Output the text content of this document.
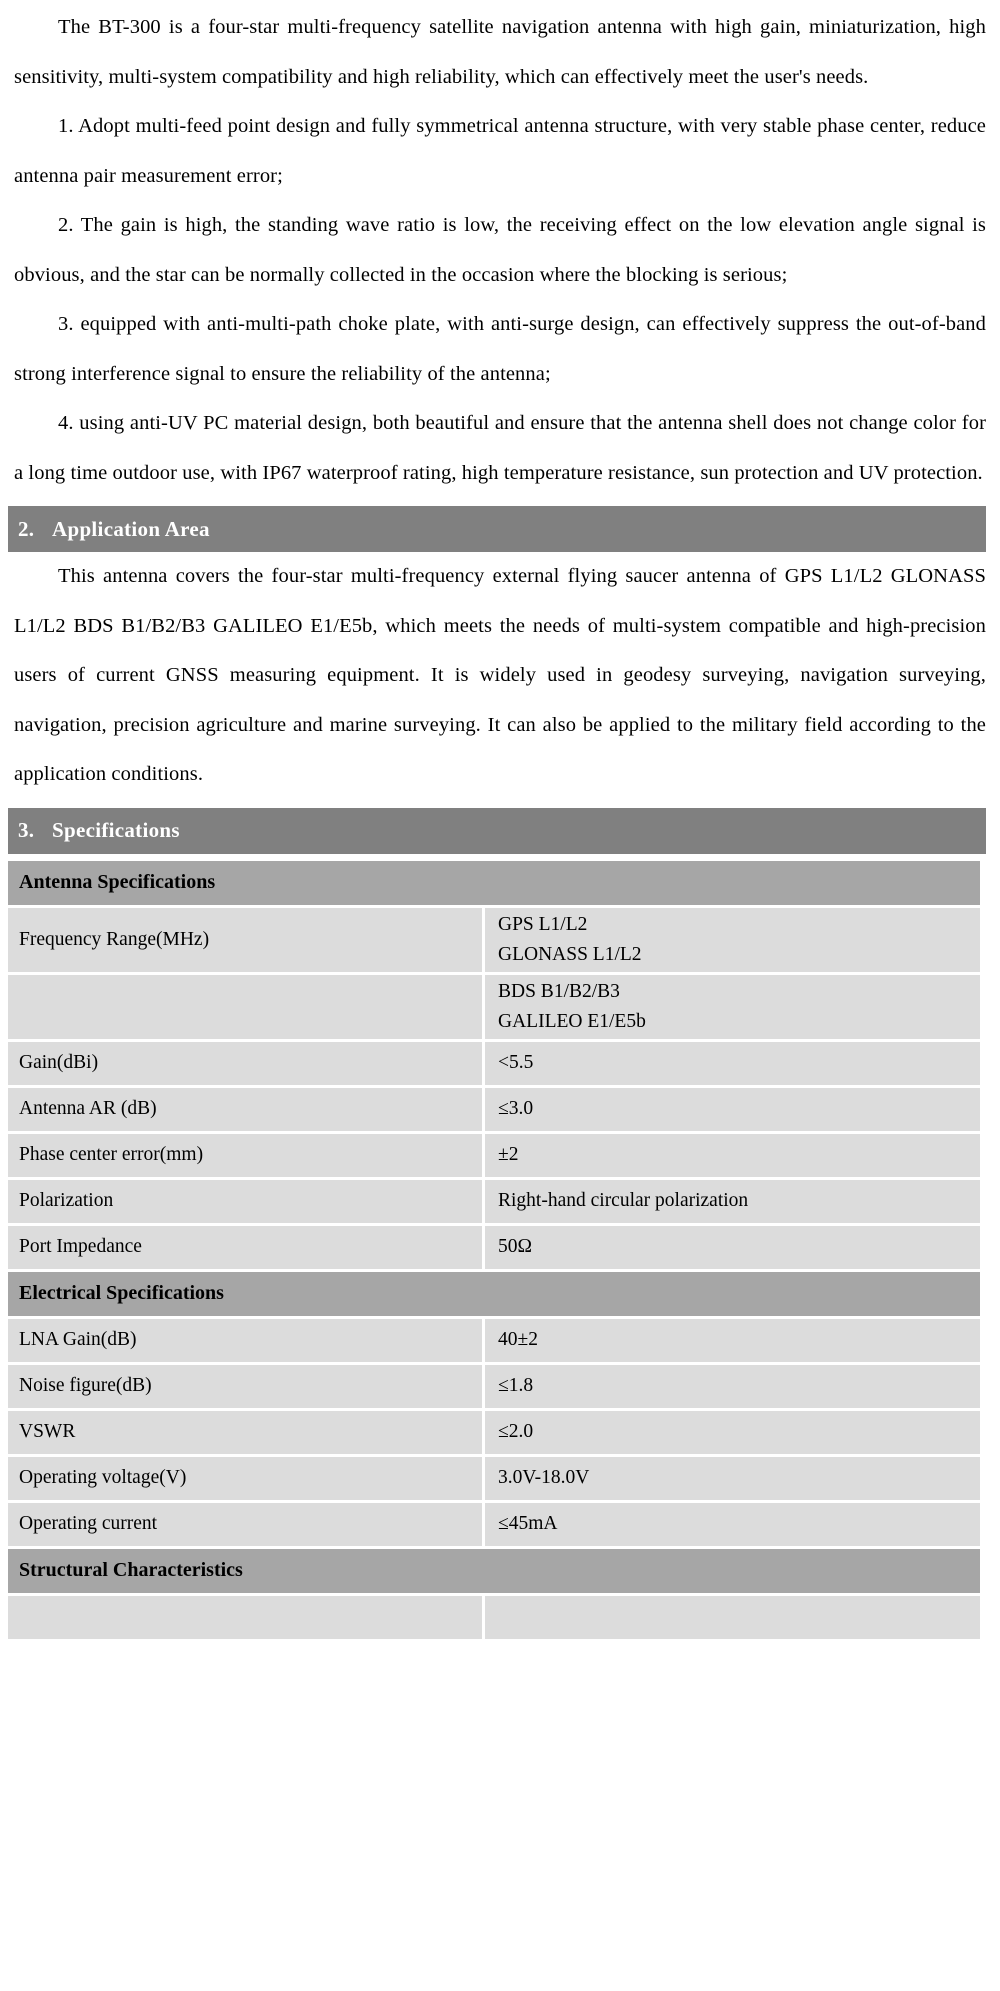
The BT-300 is a four-star multi-frequency satellite navigation antenna with high gain, miniaturization, high sensitivity, multi-system compatibility and high reliability, which can effectively meet the user's needs.

1. Adopt multi-feed point design and fully symmetrical antenna structure, with very stable phase center, reduce antenna pair measurement error;

2. The gain is high, the standing wave ratio is low, the receiving effect on the low elevation angle signal is obvious, and the star can be normally collected in the occasion where the blocking is serious;

3. equipped with anti-multi-path choke plate, with anti-surge design, can effectively suppress the out-of-band strong interference signal to ensure the reliability of the antenna;

4. using anti-UV PC material design, both beautiful and ensure that the antenna shell does not change color for a long time outdoor use, with IP67 waterproof rating, high temperature resistance, sun protection and UV protection.

2. Application Area

This antenna covers the four-star multi-frequency external flying saucer antenna of GPS L1/L2 GLONASS L1/L2 BDS B1/B2/B3 GALILEO E1/E5b, which meets the needs of multi-system compatible and high-precision users of current GNSS measuring equipment. It is widely used in geodesy surveying, navigation surveying, navigation, precision agriculture and marine surveying. It can also be applied to the military field according to the application conditions.

3. Specifications
Antenna Specifications	
Frequency Range(MHz)	GPS L1/L2
GLONASS L1/L2

	BDS B1/B2/B3
GALILEO E1/E5b

Gain(dBi)	<5.5

Antenna AR (dB)	≤3.0

Phase center error(mm)	±2

Polarization	Right-hand circular polarization

Port Impedance	50Ω

Electrical Specifications	
LNA Gain(dB)	40±2

Noise figure(dB)	≤1.8

VSWR	≤2.0

Operating voltage(V)	3.0V-18.0V

Operating current	≤45mA

Structural Characteristics	
